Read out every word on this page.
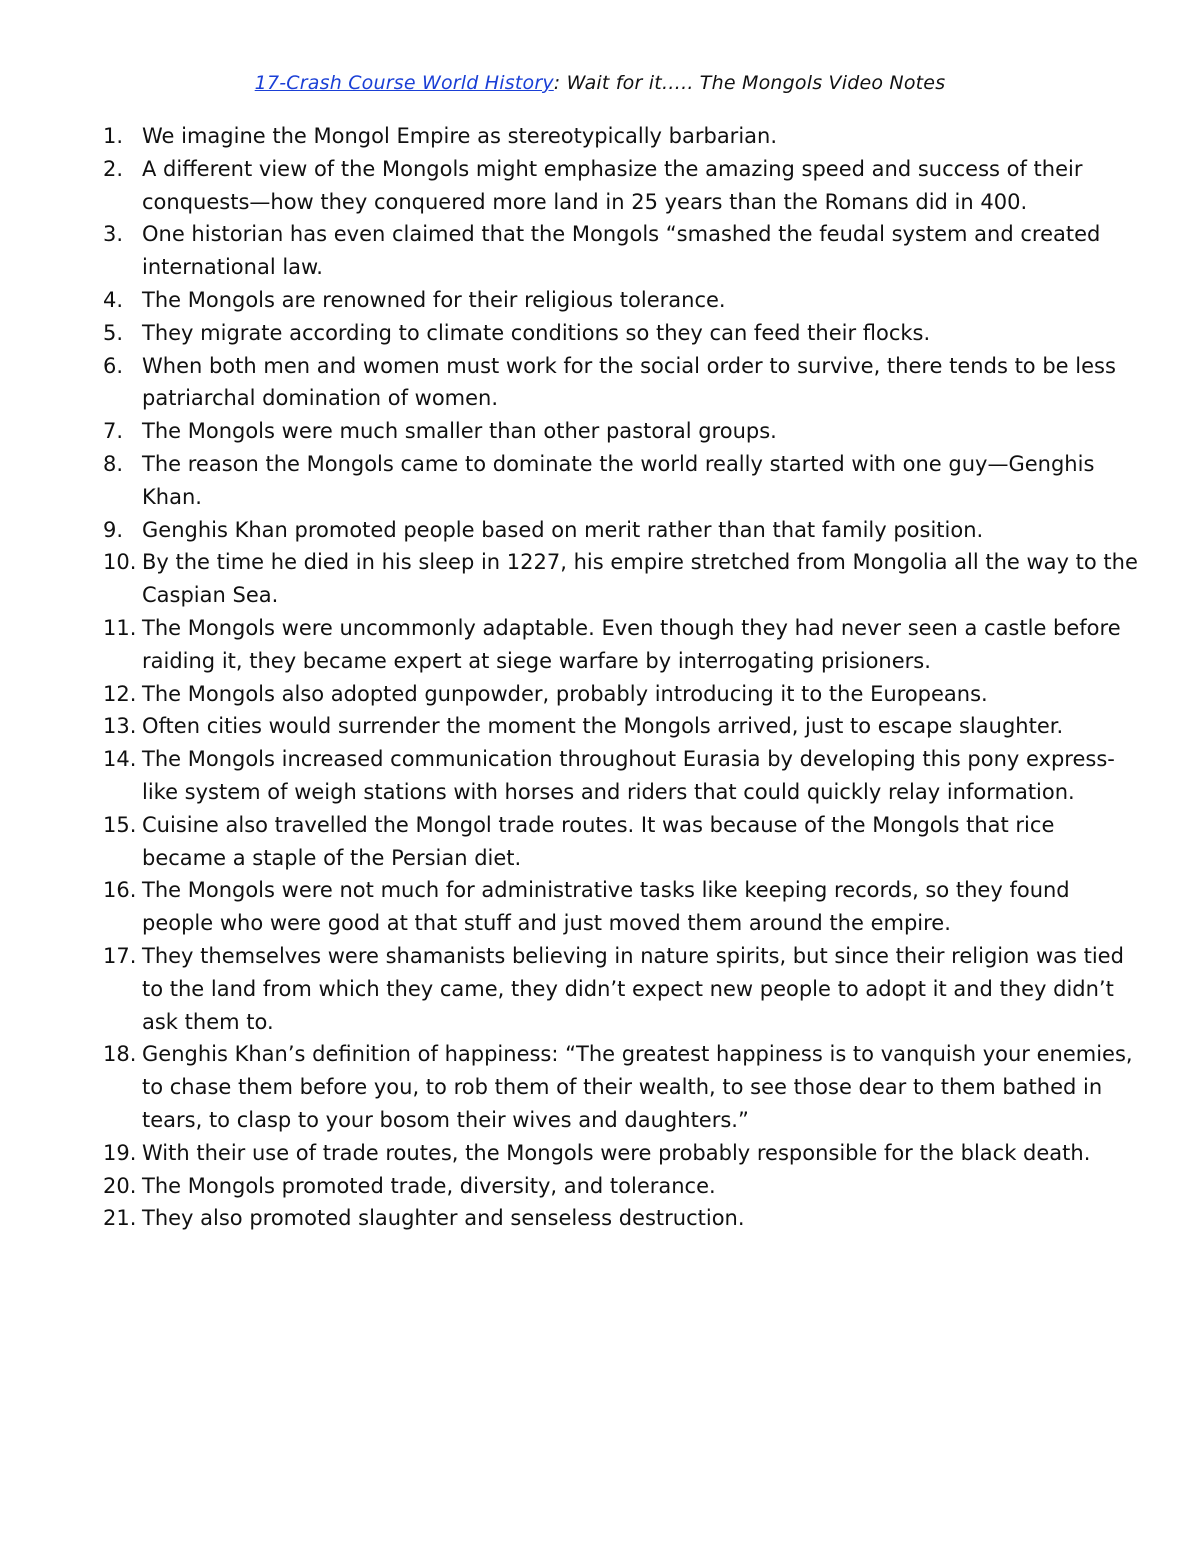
17-Crash Course World History: Wait for it….. The Mongols Video Notes
1. We imagine the Mongol Empire as stereotypically barbarian.
2. A different view of the Mongols might emphasize the amazing speed and success of their conquests—how they conquered more land in 25 years than the Romans did in 400.
3. One historian has even claimed that the Mongols “smashed the feudal system and created international law.
4. The Mongols are renowned for their religious tolerance.
5. They migrate according to climate conditions so they can feed their flocks.
6. When both men and women must work for the social order to survive, there tends to be less patriarchal domination of women.
7. The Mongols were much smaller than other pastoral groups.
8. The reason the Mongols came to dominate the world really started with one guy—Genghis Khan.
9. Genghis Khan promoted people based on merit rather than that family position.
10. By the time he died in his sleep in 1227, his empire stretched from Mongolia all the way to the Caspian Sea.
11. The Mongols were uncommonly adaptable. Even though they had never seen a castle before raiding it, they became expert at siege warfare by interrogating prisioners.
12. The Mongols also adopted gunpowder, probably introducing it to the Europeans.
13. Often cities would surrender the moment the Mongols arrived, just to escape slaughter.
14. The Mongols increased communication throughout Eurasia by developing this pony express-like system of weigh stations with horses and riders that could quickly relay information.
15. Cuisine also travelled the Mongol trade routes. It was because of the Mongols that rice became a staple of the Persian diet.
16. The Mongols were not much for administrative tasks like keeping records, so they found people who were good at that stuff and just moved them around the empire.
17. They themselves were shamanists believing in nature spirits, but since their religion was tied to the land from which they came, they didn’t expect new people to adopt it and they didn’t ask them to.
18. Genghis Khan’s definition of happiness: “The greatest happiness is to vanquish your enemies, to chase them before you, to rob them of their wealth, to see those dear to them bathed in tears, to clasp to your bosom their wives and daughters.”
19. With their use of trade routes, the Mongols were probably responsible for the black death.
20. The Mongols promoted trade, diversity, and tolerance.
21. They also promoted slaughter and senseless destruction.
